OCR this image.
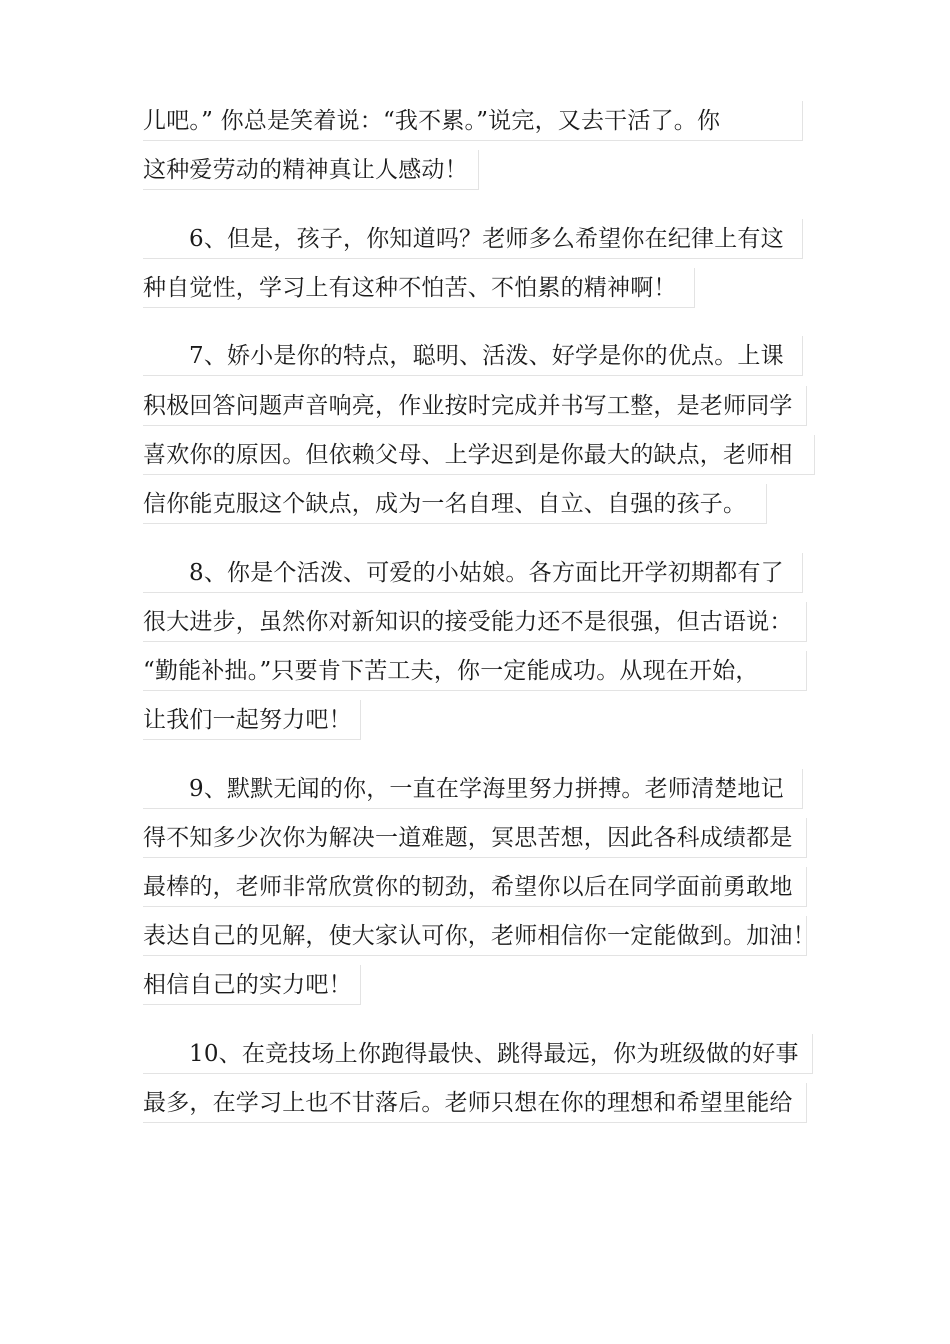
儿吧。” 你总是笑着说：“我不累。”说完，又去干活了。你
这种爱劳动的精神真让人感动！
6、但是，孩子，你知道吗？老师多么希望你在纪律上有这
种自觉性，学习上有这种不怕苦、不怕累的精神啊！
7、娇小是你的特点，聪明、活泼、好学是你的优点。上课
积极回答问题声音响亮，作业按时完成并书写工整，是老师同学
喜欢你的原因。但依赖父母、上学迟到是你最大的缺点，老师相
信你能克服这个缺点，成为一名自理、自立、自强的孩子。
8、你是个活泼、可爱的小姑娘。各方面比开学初期都有了
很大进步，虽然你对新知识的接受能力还不是很强，但古语说：
“勤能补拙。”只要肯下苦工夫，你一定能成功。从现在开始，
让我们一起努力吧！
9、默默无闻的你，一直在学海里努力拼搏。老师清楚地记
得不知多少次你为解决一道难题，冥思苦想，因此各科成绩都是
最棒的，老师非常欣赏你的韧劲，希望你以后在同学面前勇敢地
表达自己的见解，使大家认可你，老师相信你一定能做到。加油！
相信自己的实力吧！
10、在竞技场上你跑得最快、跳得最远，你为班级做的好事
最多，在学习上也不甘落后。老师只想在你的理想和希望里能给
